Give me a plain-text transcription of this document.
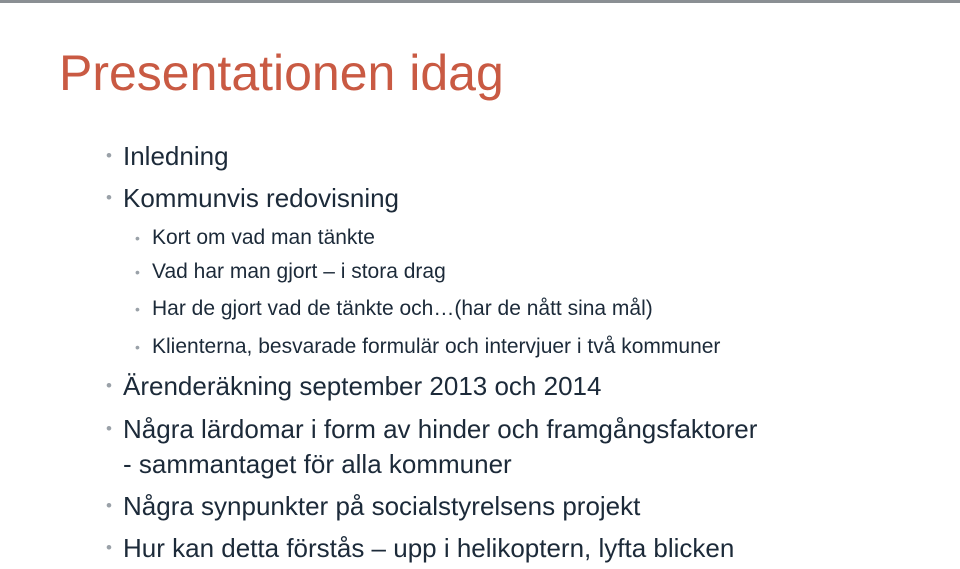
Presentationen idag
• Inledning
• Kommunvis redovisning
• Kort om vad man tänkte
• Vad har man gjort – i stora drag
• Har de gjort vad de tänkte och…(har de nått sina mål)
• Klienterna, besvarade formulär och intervjuer i två kommuner
• Ärenderäkning september 2013 och 2014
• Några lärdomar i form av hinder och framgångsfaktorer
- sammantaget för alla kommuner
• Några synpunkter på socialstyrelsens projekt
• Hur kan detta förstås – upp i helikoptern, lyfta blicken
